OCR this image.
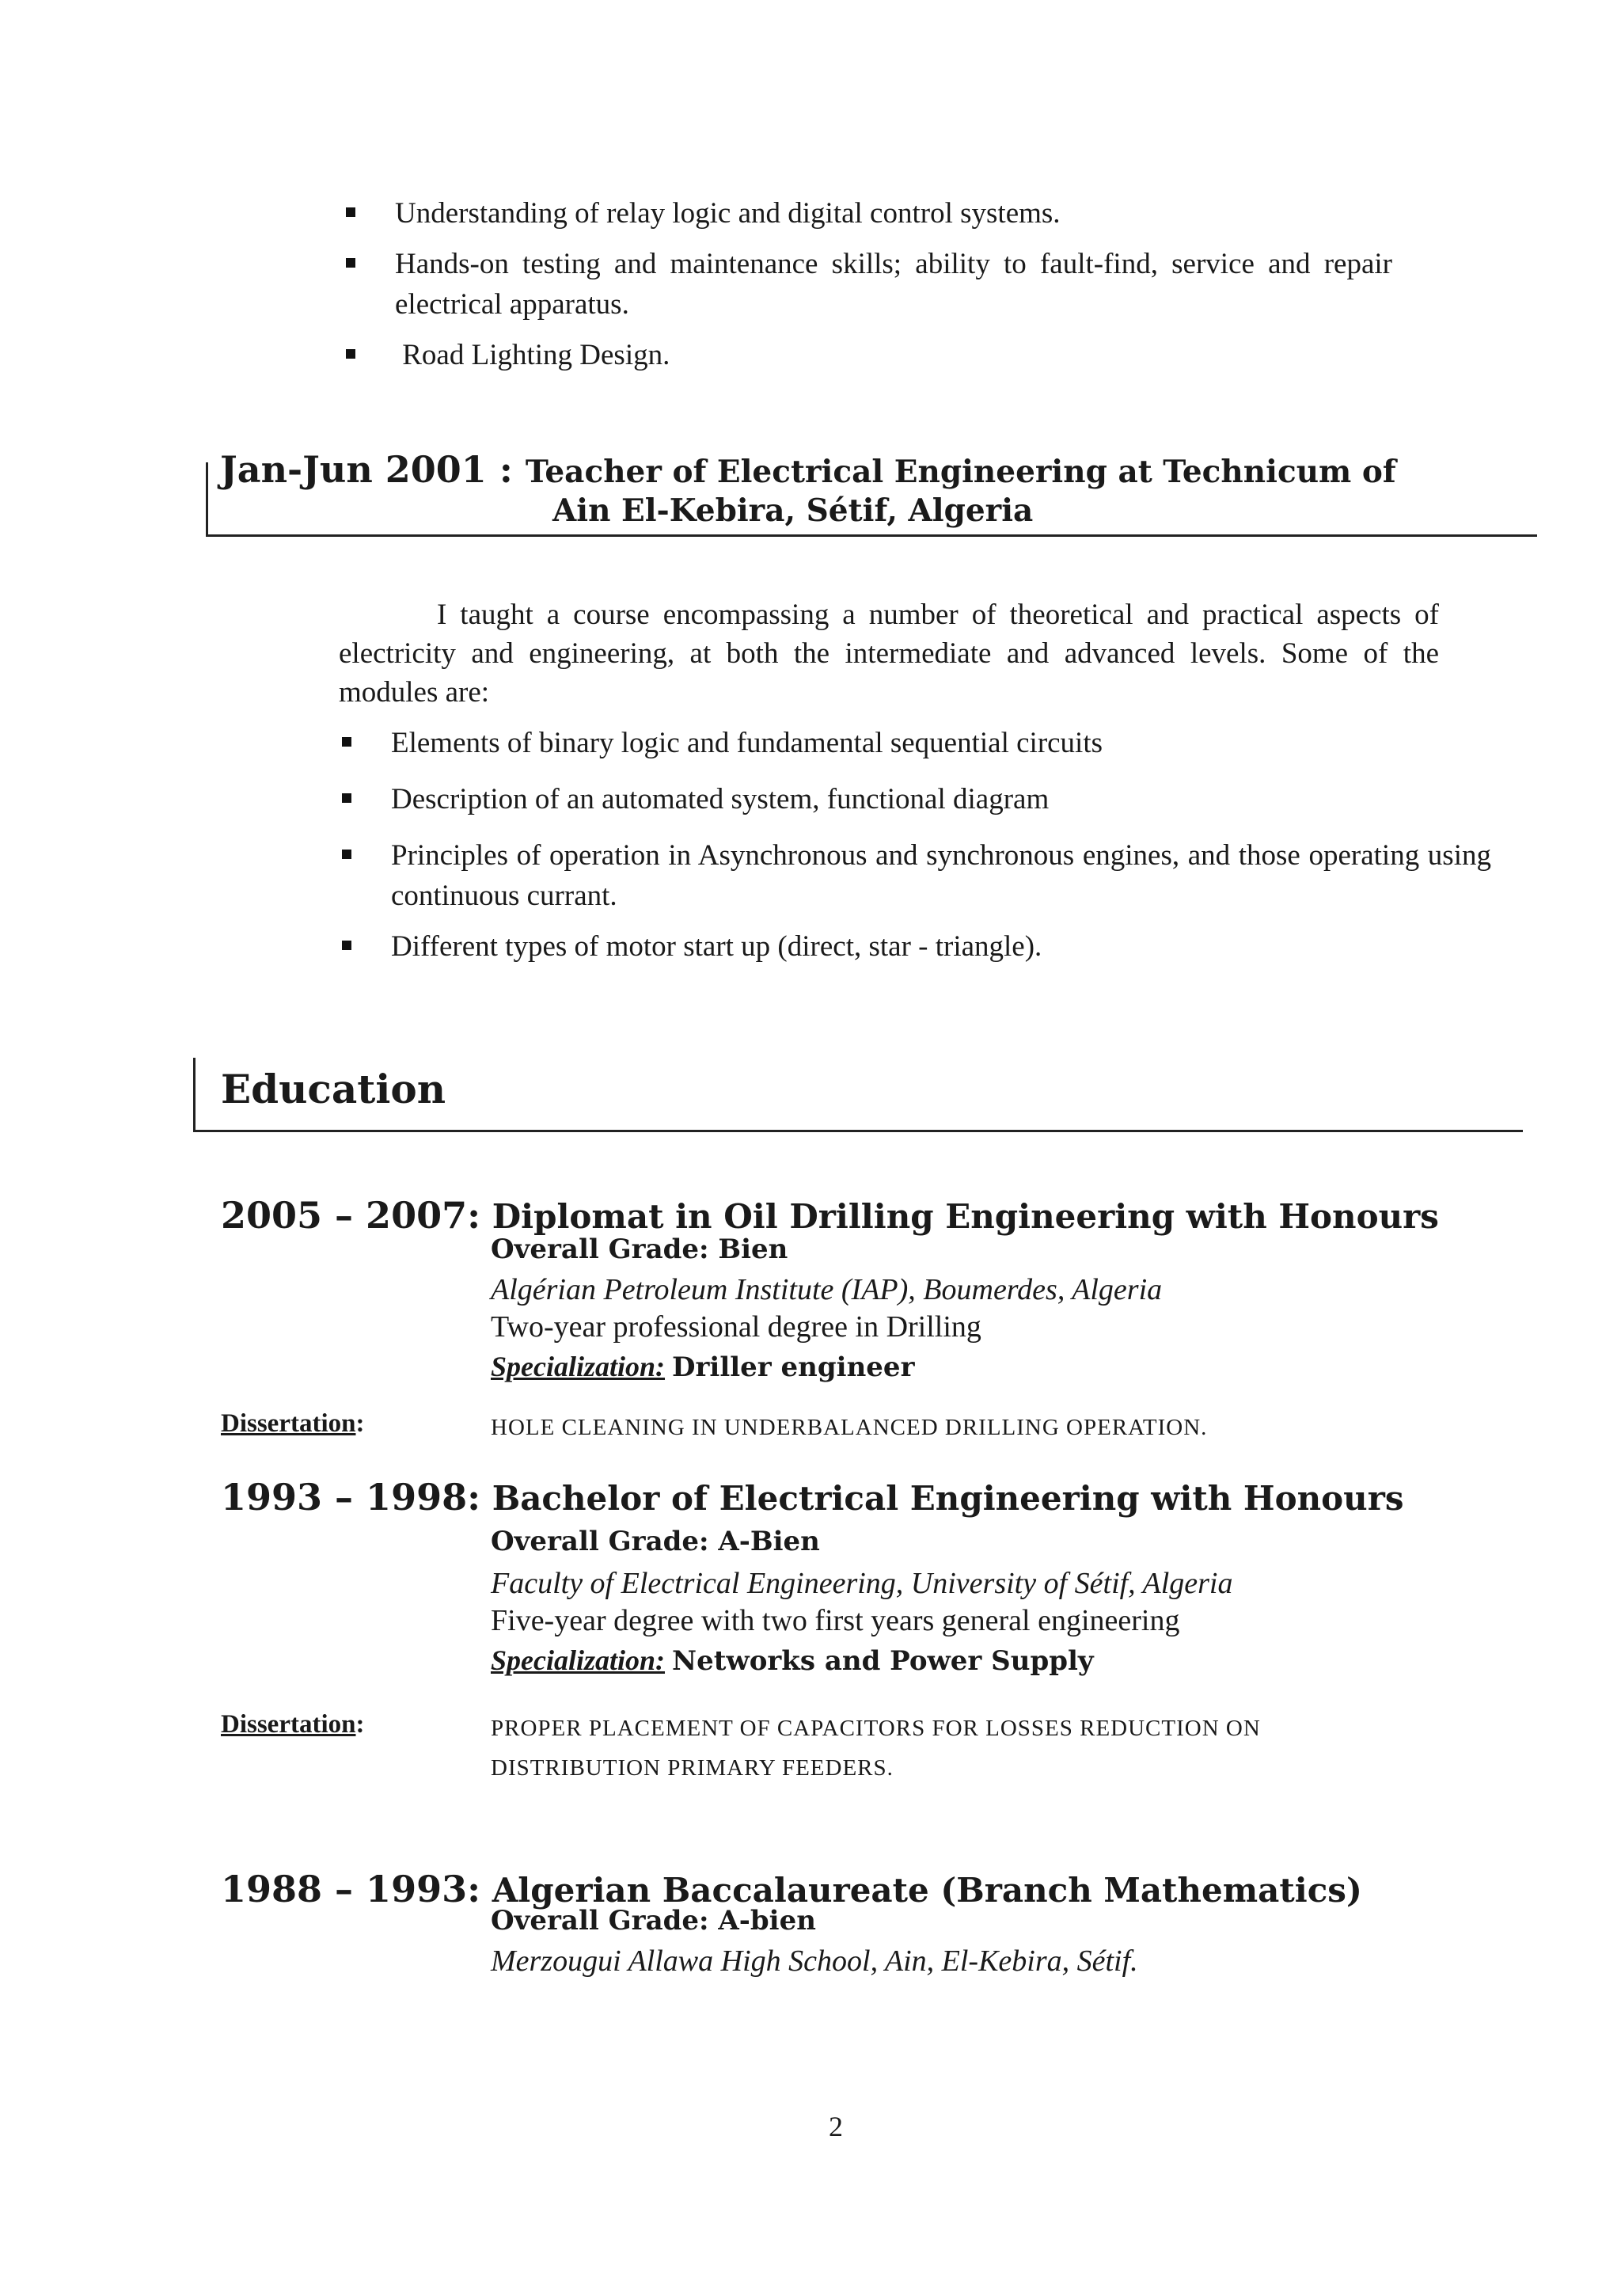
Understanding of relay logic and digital control systems.
Hands-on testing and maintenance skills; ability to fault-find, service and repair electrical apparatus.
Road Lighting Design.
Jan-Jun 2001 : Teacher of Electrical Engineering at Technicum of
Ain El-Kebira, Sétif, Algeria
I taught a course encompassing a number of theoretical and practical aspects of electricity and engineering, at both the intermediate and advanced levels. Some of the modules are:
Elements of binary logic and fundamental sequential circuits
Description of an automated system, functional diagram
Principles of operation in Asynchronous and synchronous engines, and those operating using continuous currant.
Different types of motor start up (direct, star - triangle).
Education
2005 – 2007: Diplomat in Oil Drilling Engineering with Honours
Overall Grade: Bien
Algérian Petroleum Institute (IAP), Boumerdes, Algeria
Two-year professional degree in Drilling
Specialization: Driller engineer
Dissertation:	HOLE CLEANING IN UNDERBALANCED DRILLING OPERATION.
1993 – 1998: Bachelor of Electrical Engineering with Honours
Overall Grade: A-Bien
Faculty of Electrical Engineering, University of Sétif, Algeria
Five-year degree with two first years general engineering
Specialization: Networks and Power Supply
Dissertation:	PROPER PLACEMENT OF CAPACITORS FOR LOSSES REDUCTION ON
DISTRIBUTION PRIMARY FEEDERS.
1988 – 1993: Algerian Baccalaureate (Branch Mathematics)
Overall Grade: A-bien
Merzougui Allawa High School, Ain, El-Kebira, Sétif.
2
